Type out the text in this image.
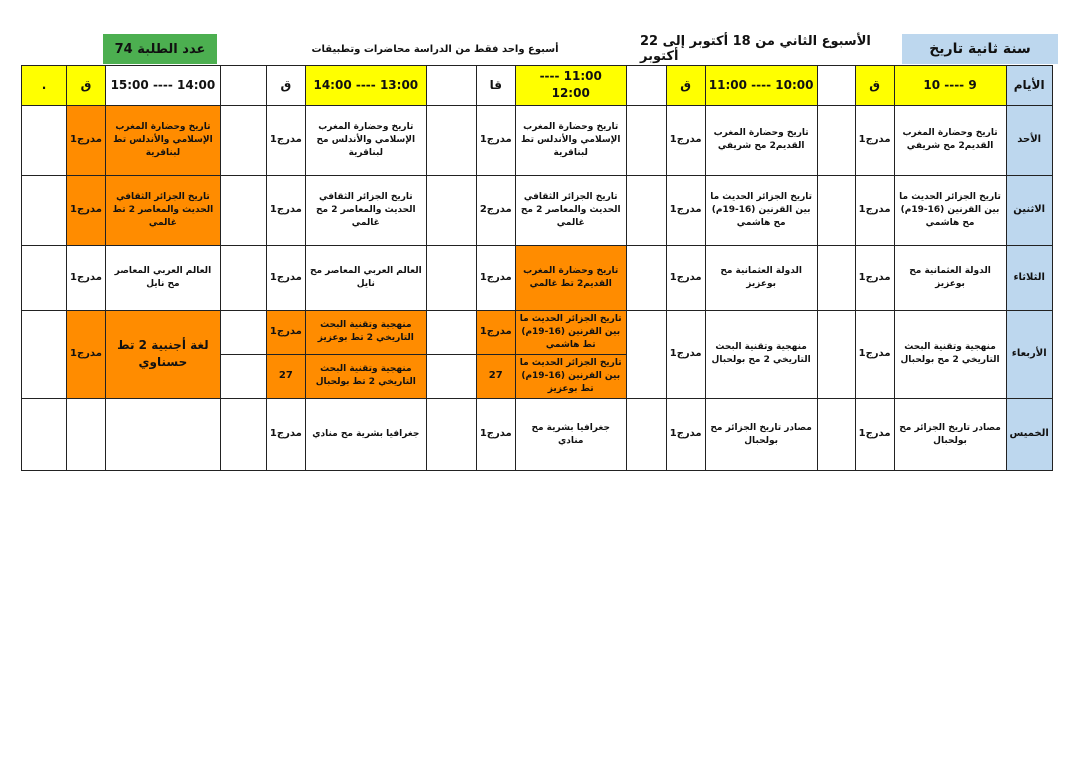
سنة ثانية تاريخ
الأسبوع الثاني من 18 أكتوبر إلى 22 أكتوبر
أسبوع واحد فقط من الدراسة محاضرات وتطبيقات
عدد الطلبة 74
.	ق	14:00 ---- 15:00		ق	13:00 ---- 14:00		قا	11:00 ---- 12:00		ق	10:00 ---- 11:00		ق	9 ---- 10	الأيام
	مدرج1	تاريخ وحضارة المغرب الإسلامي والأندلس تط لبناقرية		مدرج1	تاريخ وحضارة المغرب الإسلامي والأندلس مح لبناقرية		مدرج1	تاريخ وحضارة المغرب الإسلامي والأندلس تط لبناقرية		مدرج1	تاريخ وحضارة المغرب القديم2 مح شريفي		مدرج1	تاريخ وحضارة المغرب القديم2 مح شريفي	الأحد
	مدرج1	تاريخ الجزائر الثقافي الحديث والمعاصر 2 تط غالمي		مدرج1	تاريخ الجزائر الثقافي الحديث والمعاصر 2 مح غالمي		مدرج2	تاريخ الجزائر الثقافي الحديث والمعاصر 2 مح غالمي		مدرج1	تاريخ الجزائر الحديث ما بين القرنين (16-19م) مح هاشمي		مدرج1	تاريخ الجزائر الحديث ما بين القرنين (16-19م) مح هاشمي	الاثنين
	مدرج1	العالم العربي المعاصر مح نايل		مدرج1	العالم العربي المعاصر مح نايل		مدرج1	تاريخ وحضارة المغرب القديم2 تط غالمي		مدرج1	الدولة العثمانية مح بوعزيز		مدرج1	الدولة العثمانية مح بوعزيز	الثلاثاء
	مدرج1	لغة أجنبية 2 تط حسناوي		مدرج1	منهجية وتقنية البحث التاريخي 2 تط بوعزيز		مدرج1	تاريخ الجزائر الحديث ما بين القرنين (16-19م) تط هاشمي		مدرج1	منهجية وتقنية البحث التاريخي 2 مح بولحبال		مدرج1	منهجية وتقنية البحث التاريخي 2 مح بولحبال	الأربعاء
				27	منهجية وتقنية البحث التاريخي 2 تط بولحبال		27	تاريخ الجزائر الحديث ما بين القرنين (16-19م) تط بوعزيز							
				مدرج1	جغرافيا بشرية مح منادي		مدرج1	جغرافيا بشرية مح منادي		مدرج1	مصادر تاريخ الجزائر مح بولحبال		مدرج1	مصادر تاريخ الجزائر مح بولحبال	الخميس
